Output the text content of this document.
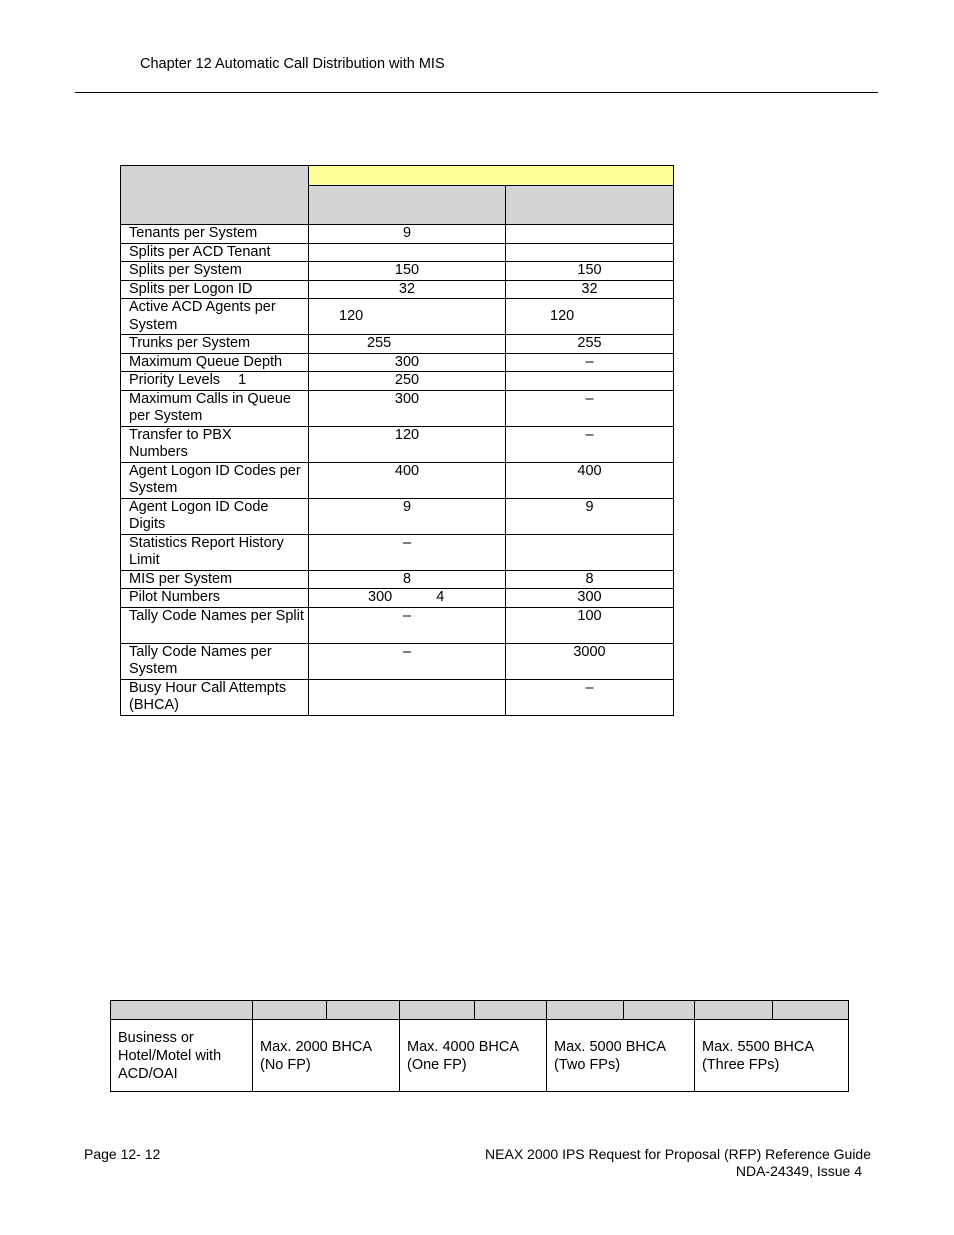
Chapter 12 Automatic Call Distribution with MIS

Tenants per System	9	
Splits per ACD Tenant		
Splits per System	150	150
Splits per Logon ID	32	32
Active ACD Agents per System	120	120
Trunks per System	255	255
Maximum Queue Depth	300	–
Priority Levels 1	250	
Maximum Calls in Queue per System	300	–
Transfer to PBX Numbers	120	–
Agent Logon ID Codes per System	400	400
Agent Logon ID Code Digits	9	9
Statistics Report History Limit	–	
MIS per System	8	8
Pilot Numbers	300 4	300
Tally Code Names per Split	–	100
Tally Code Names per System	–	3000
Busy Hour Call Attempts (BHCA)		–

Business or Hotel/Motel with ACD/OAI	Max. 2000 BHCA (No FP)		Max. 4000 BHCA (One FP)		Max. 5000 BHCA (Two FPs)		Max. 5500 BHCA (Three FPs)	
Page 12- 12	NEAX 2000 IPS Request for Proposal (RFP) Reference Guide
NDA-24349, Issue 4
